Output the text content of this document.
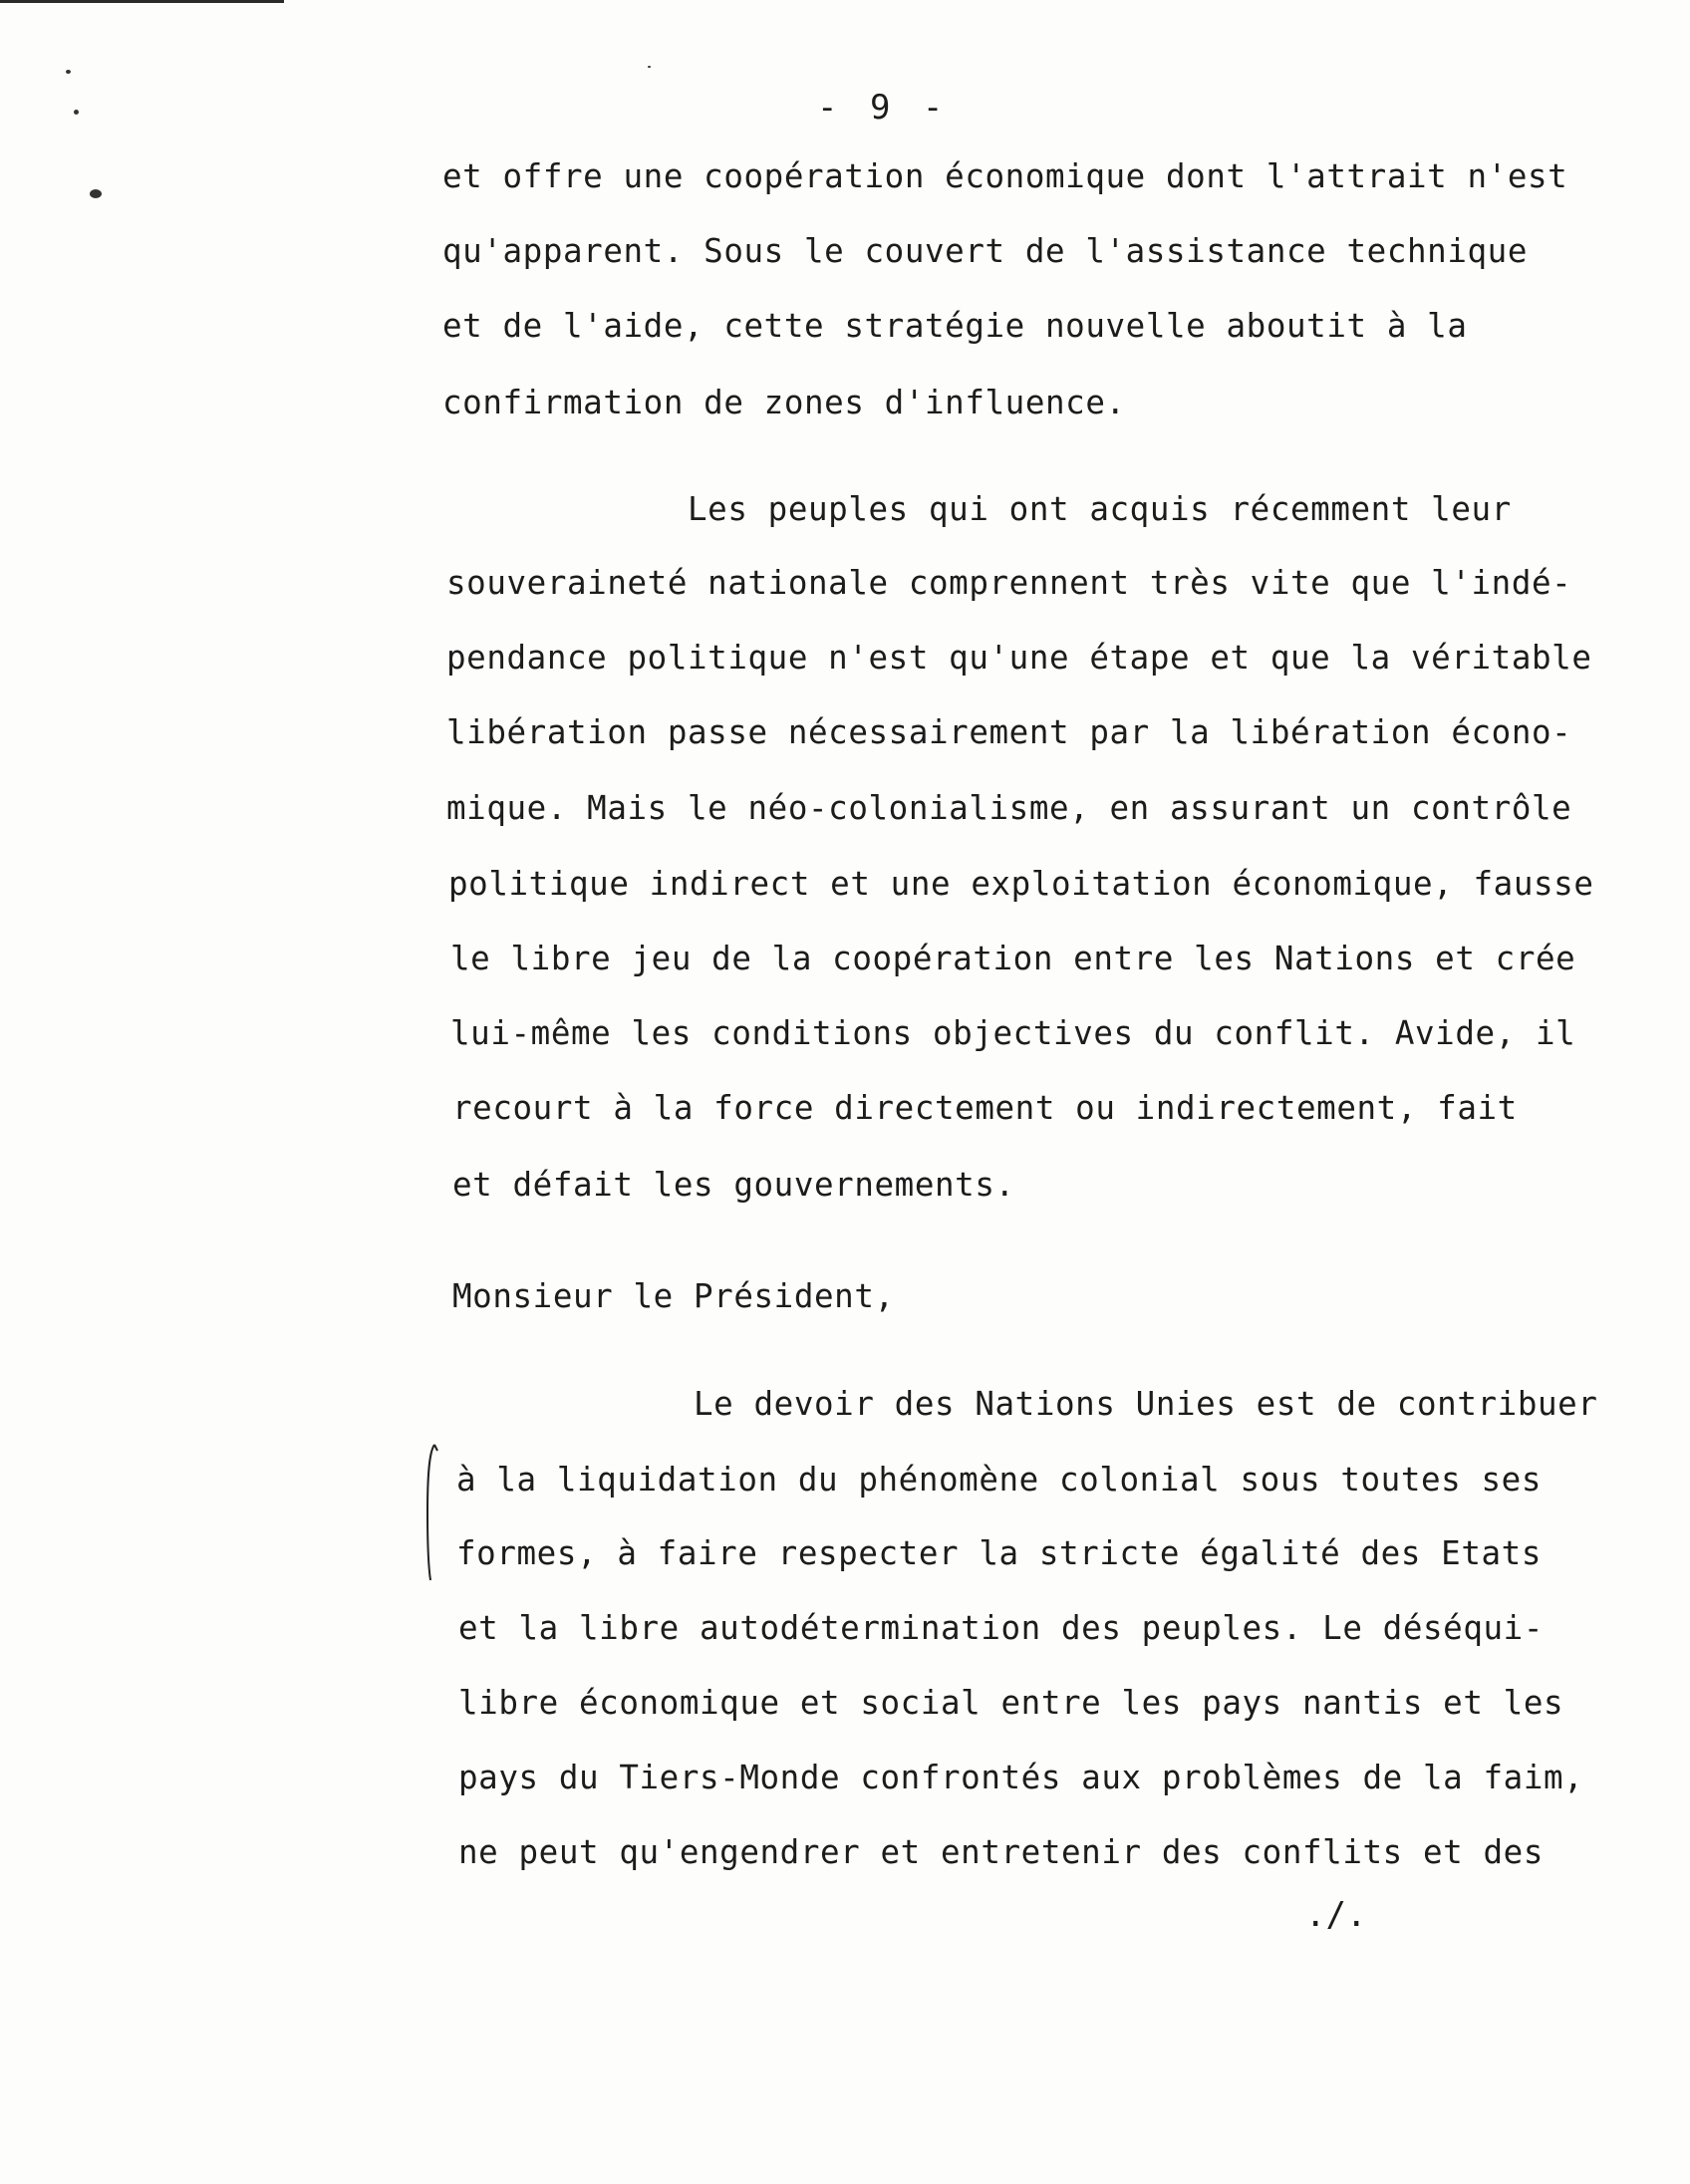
- 9 -
et offre une coopération économique dont l'attrait n'est
qu'apparent. Sous le couvert de l'assistance technique
et de l'aide, cette stratégie nouvelle aboutit à la
confirmation de zones d'influence.
Les peuples qui ont acquis récemment leur
souveraineté nationale comprennent très vite que l'indé-
pendance politique n'est qu'une étape et que la véritable
libération passe nécessairement par la libération écono-
mique. Mais le néo-colonialisme, en assurant un contrôle
politique indirect et une exploitation économique, fausse
le libre jeu de la coopération entre les Nations et crée
lui-même les conditions objectives du conflit. Avide, il
recourt à la force directement ou indirectement, fait
et défait les gouvernements.
Monsieur le Président,
Le devoir des Nations Unies est de contribuer
à la liquidation du phénomène colonial sous toutes ses
formes, à faire respecter la stricte égalité des Etats
et la libre autodétermination des peuples. Le déséqui-
libre économique et social entre les pays nantis et les
pays du Tiers-Monde confrontés aux problèmes de la faim,
ne peut qu'engendrer et entretenir des conflits et des
./.
